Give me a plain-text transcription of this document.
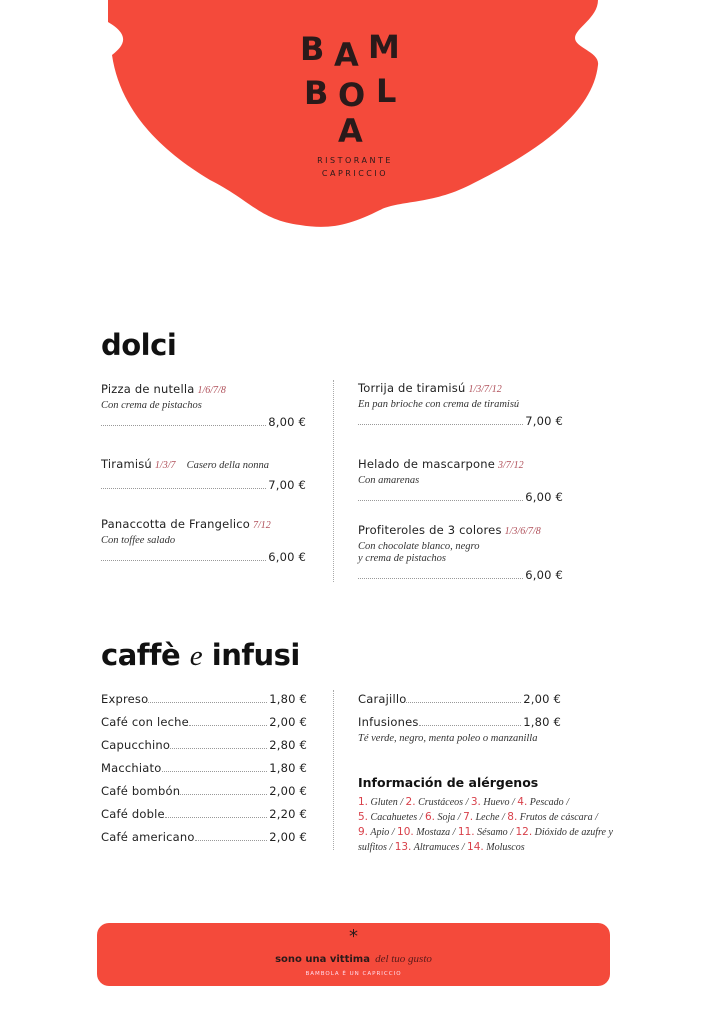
B A M
B O L
A
RISTORANTE
CAPRICCIO
dolci
Pizza de nutella 1/6/7/8
Con crema de pistachos
8,00 €
Tiramisú 1/3/7 Casero della nonna
7,00 €
Panaccotta de Frangelico 7/12
Con toffee salado
6,00 €
Torrija de tiramisú 1/3/7/12
En pan brioche con crema de tiramisú
7,00 €
Helado de mascarpone 3/7/12
Con amarenas
6,00 €
Profiteroles de 3 colores 1/3/6/7/8
Con chocolate blanco, negro
y crema de pistachos
6,00 €
caffè e infusi
Expreso	1,80 €
Café con leche	2,00 €
Capucchino	2,80 €
Macchiato	1,80 €
Café bombón	2,00 €
Café doble	2,20 €
Café americano	2,00 €
Carajillo	2,00 €
Infusiones	1,80 €
Té verde, negro, menta poleo o manzanilla
Información de alérgenos
1. Gluten / 2. Crustáceos / 3. Huevo / 4. Pescado /
5. Cacahuetes / 6. Soja / 7. Leche / 8. Frutos de cáscara /
9. Apio / 10. Mostaza / 11. Sésamo / 12. Dióxido de azufre y sulfitos / 13. Altramuces / 14. Moluscos
*
sono una vittima del tuo gusto
BAMBOLA È UN CAPRICCIO
